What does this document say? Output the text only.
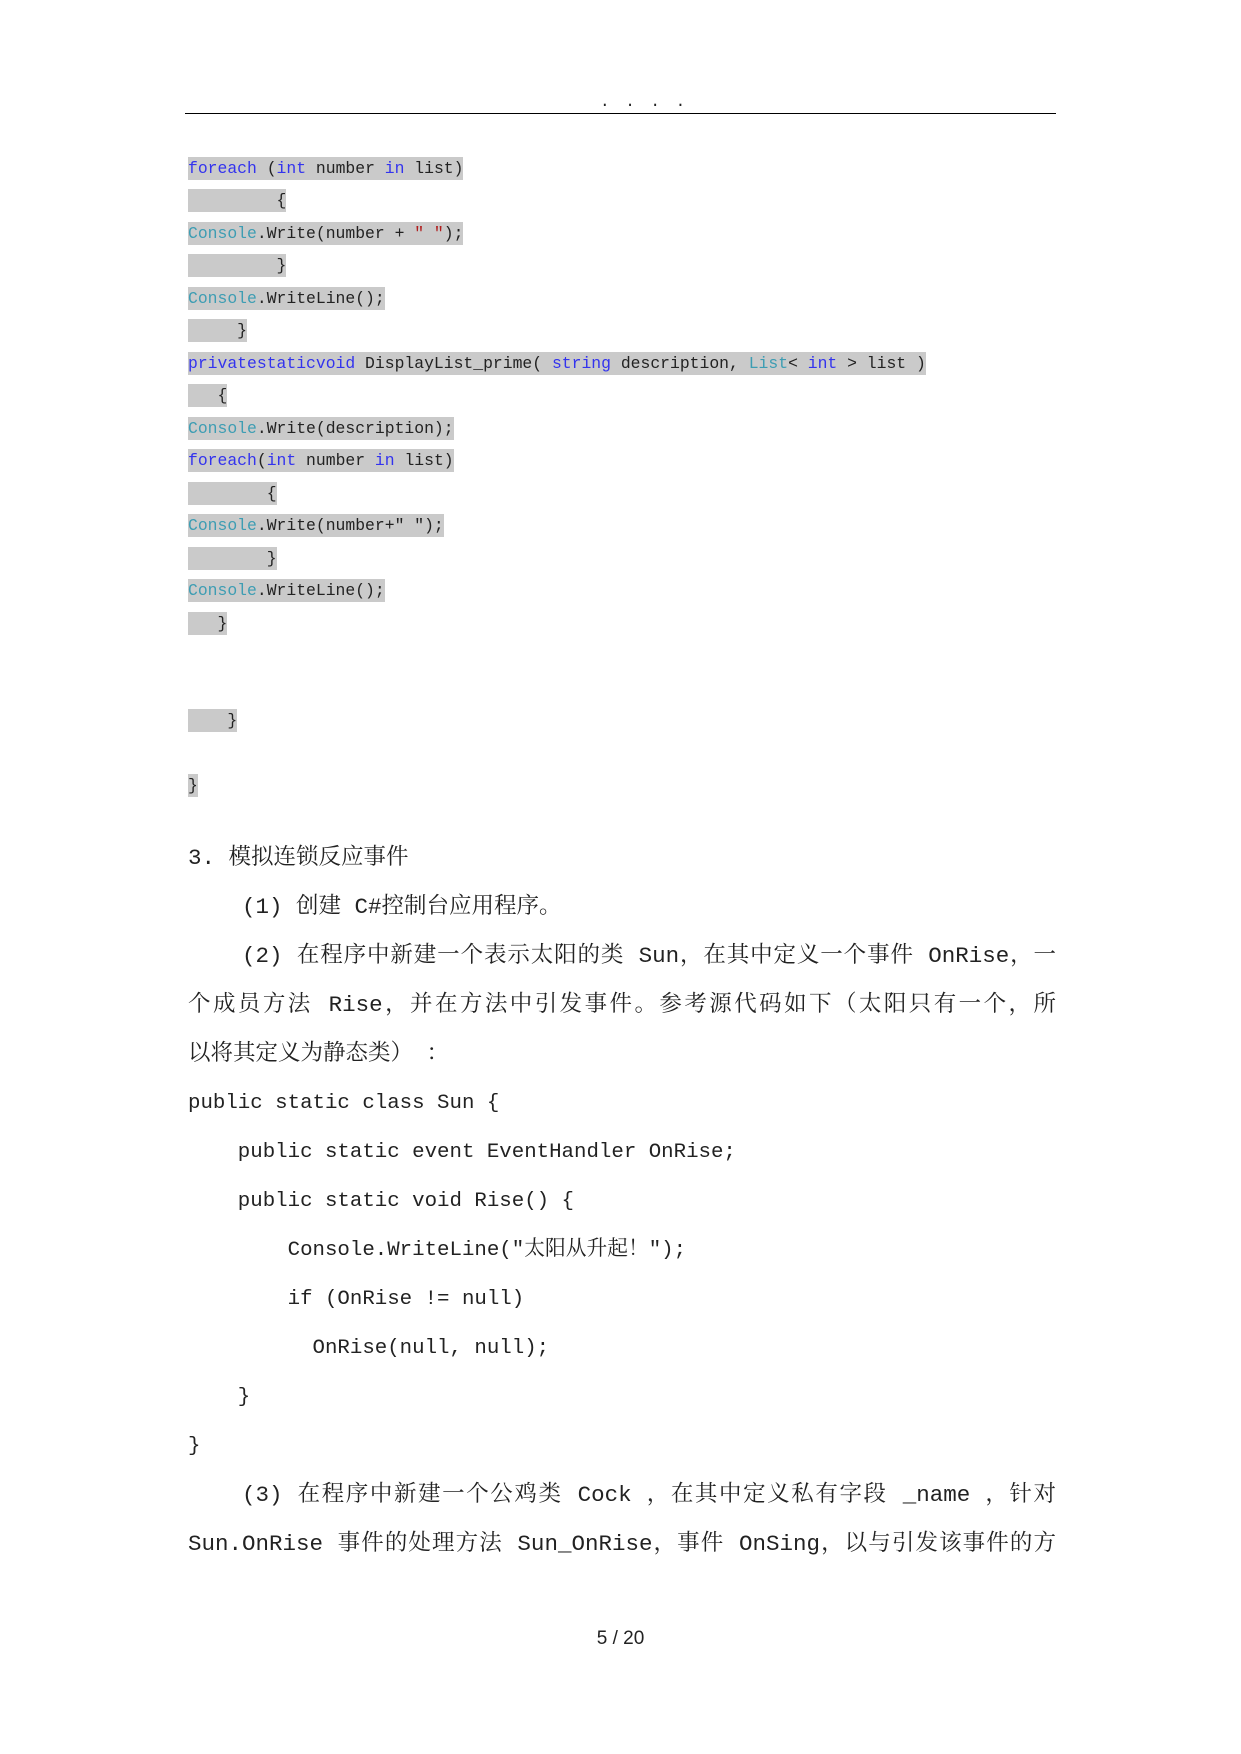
. . . .
foreach (int number in list)
{
Console.Write(number + " ");
}
Console.WriteLine();
}
privatestaticvoid DisplayList_prime( string description, List< int > list )
{
Console.Write(description);
foreach(int number in list)
{
Console.Write(number+" ");
}
Console.WriteLine();
}
}
}
3. 模拟连锁反应事件
(1) 创建 C#控制台应用程序。
(2) 在程序中新建一个表示太阳的类 Sun，在其中定义一个事件 OnRise，一
个成员方法 Rise，并在方法中引发事件。参考源代码如下（太阳只有一个，所
以将其定义为静态类） ：
public static class Sun {
public static event EventHandler OnRise;
public static void Rise() {
Console.WriteLine("太阳从升起！");
if (OnRise != null)
OnRise(null, null);
}
}
(3) 在程序中新建一个公鸡类 Cock ，在其中定义私有字段 _name ，针对
Sun.OnRise 事件的处理方法 Sun_OnRise，事件 OnSing，以与引发该事件的方
5 / 20
